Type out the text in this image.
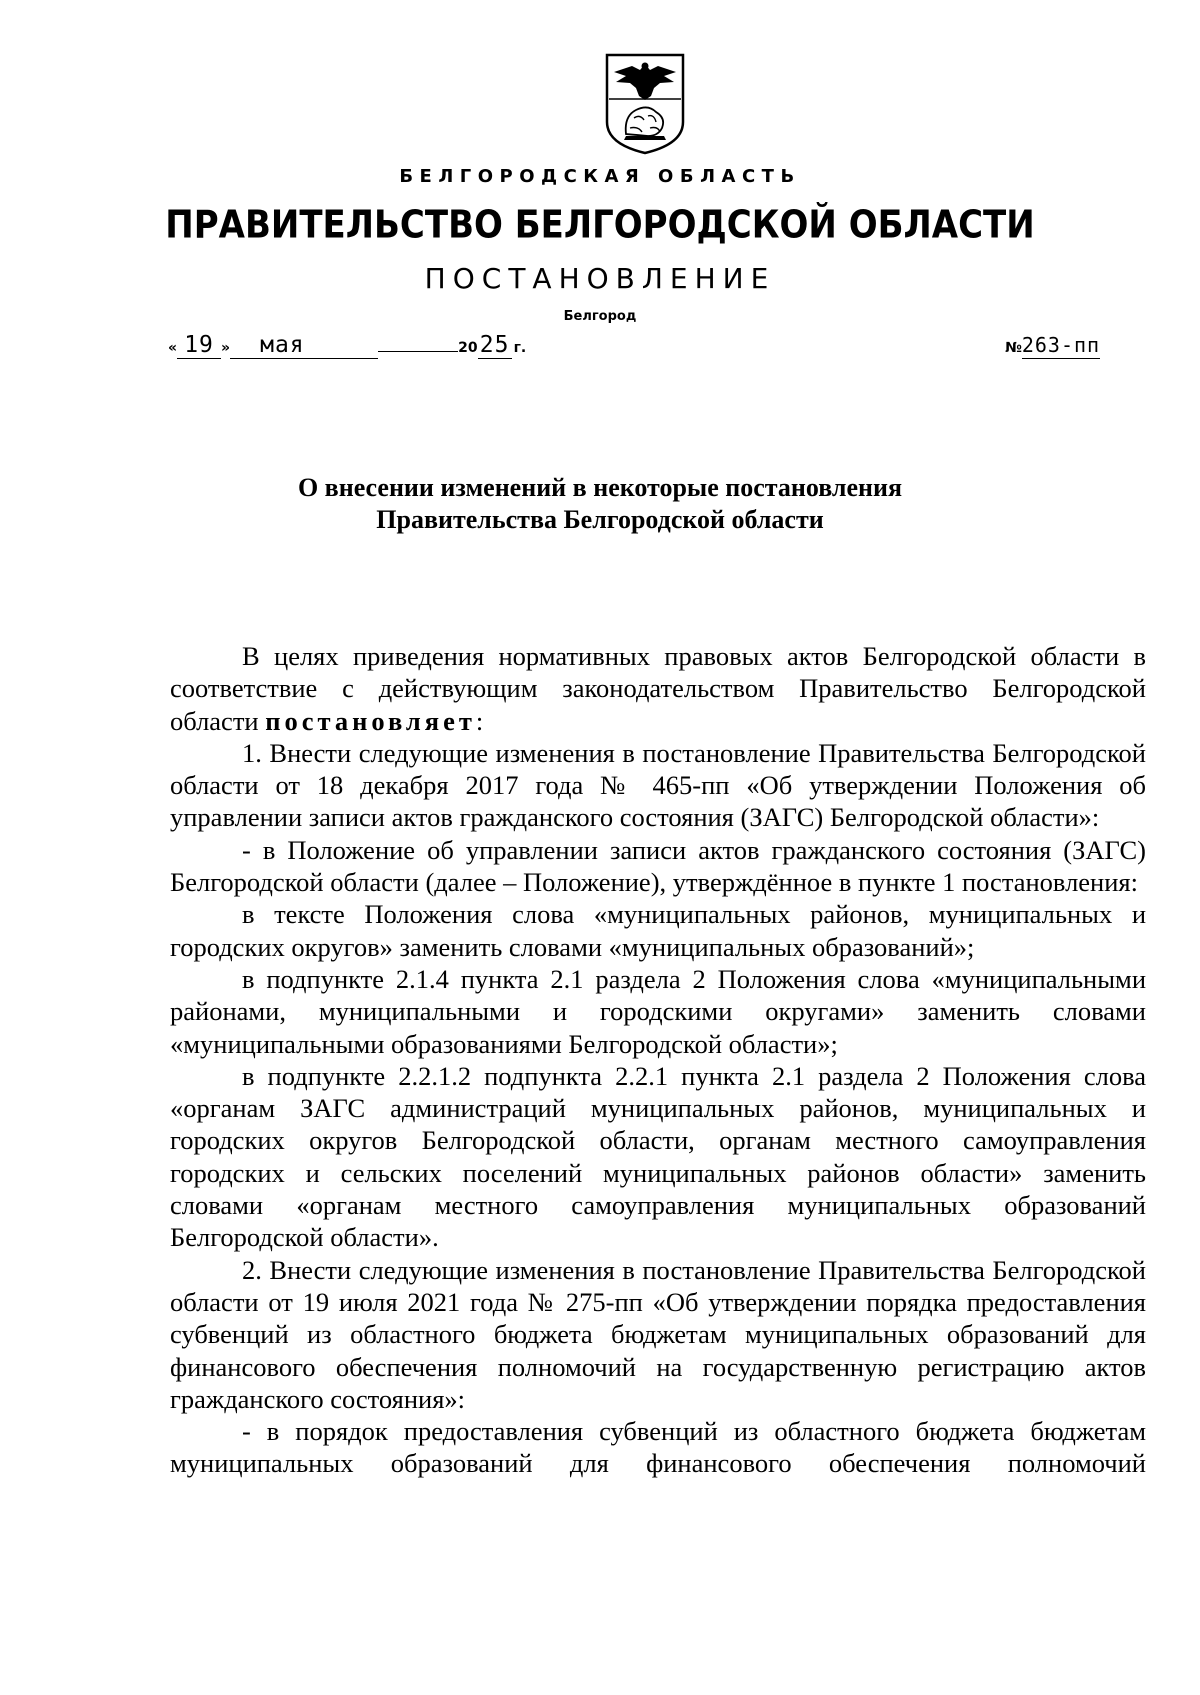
БЕЛГОРОДСКАЯ ОБЛАСТЬ
ПРАВИТЕЛЬСТВО БЕЛГОРОДСКОЙ ОБЛАСТИ
ПОСТАНОВЛЕНИЕ
Белгород
« 19 » мая	2025 г.	№263-пп
О внесении изменений в некоторые постановления
Правительства Белгородской области

В целях приведения нормативных правовых актов Белгородской области в соответствие с действующим законодательством Правительство Белгородской области постановляет:

1. Внести следующие изменения в постановление Правительства Белгородской области от 18 декабря 2017 года № 465-пп «Об утверждении Положения об управлении записи актов гражданского состояния (ЗАГС) Белгородской области»:

- в Положение об управлении записи актов гражданского состояния (ЗАГС) Белгородской области (далее – Положение), утверждённое в пункте 1 постановления:

в тексте Положения слова «муниципальных районов, муниципальных и городских округов» заменить словами «муниципальных образований»;

в подпункте 2.1.4 пункта 2.1 раздела 2 Положения слова «муниципальными районами, муниципальными и городскими округами» заменить словами «муниципальными образованиями Белгородской области»;

в подпункте 2.2.1.2 подпункта 2.2.1 пункта 2.1 раздела 2 Положения слова «органам ЗАГС администраций муниципальных районов, муниципальных и городских округов Белгородской области, органам местного самоуправления городских и сельских поселений муниципальных районов области» заменить словами «органам местного самоуправления муниципальных образований Белгородской области».

2. Внести следующие изменения в постановление Правительства Белгородской области от 19 июля 2021 года № 275-пп «Об утверждении порядка предоставления субвенций из областного бюджета бюджетам муниципальных образований для финансового обеспечения полномочий на государственную регистрацию актов гражданского состояния»:

- в порядок предоставления субвенций из областного бюджета бюджетам муниципальных образований для финансового обеспечения полномочий
